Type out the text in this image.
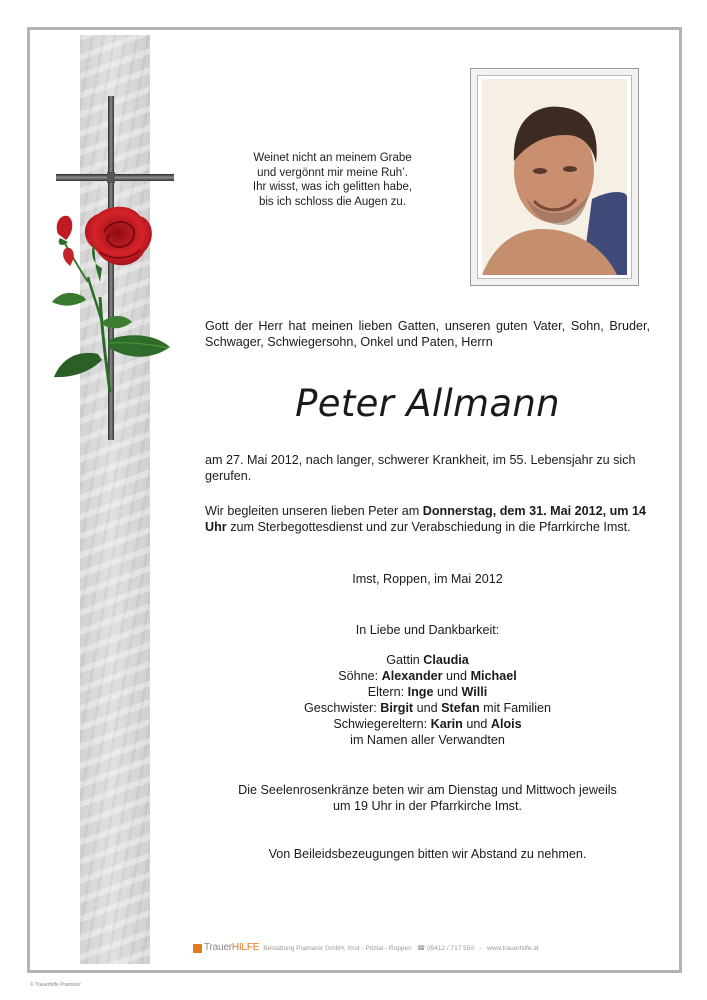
Weinet nicht an meinem Grabe
und vergönnt mir meine Ruh’.
Ihr wisst, was ich gelitten habe,
bis ich schloss die Augen zu.
Gott der Herr hat meinen lieben Gatten, unseren guten Vater, Sohn, Bruder,
Schwager, Schwiegersohn, Onkel und Paten, Herrn
Peter Allmann
am 27. Mai 2012, nach langer, schwerer Krankheit, im 55. Lebensjahr zu sich gerufen.
Wir begleiten unseren lieben Peter am Donnerstag, dem 31. Mai 2012, um 14 Uhr zum Sterbegottesdienst und zur Verabschiedung in die Pfarrkirche Imst.
Imst, Roppen, im Mai 2012
In Liebe und Dankbarkeit:
Gattin Claudia
Söhne: Alexander und Michael
Eltern: Inge und Willi
Geschwister: Birgit und Stefan mit Familien
Schwiegereltern: Karin und Alois
im Namen aller Verwandten
Die Seelenrosenkränze beten wir am Dienstag und Mittwoch jeweils
um 19 Uhr in der Pfarrkirche Imst.
Von Beileidsbezeugungen bitten wir Abstand zu nehmen.
TrauerHILFE Bestattung Pramarer GmbH, Imst - Pitztal - Roppen   ☎ 05412 / 717 550   -   www.trauerhilfe.at
© Trauerhilfe Pramarer
